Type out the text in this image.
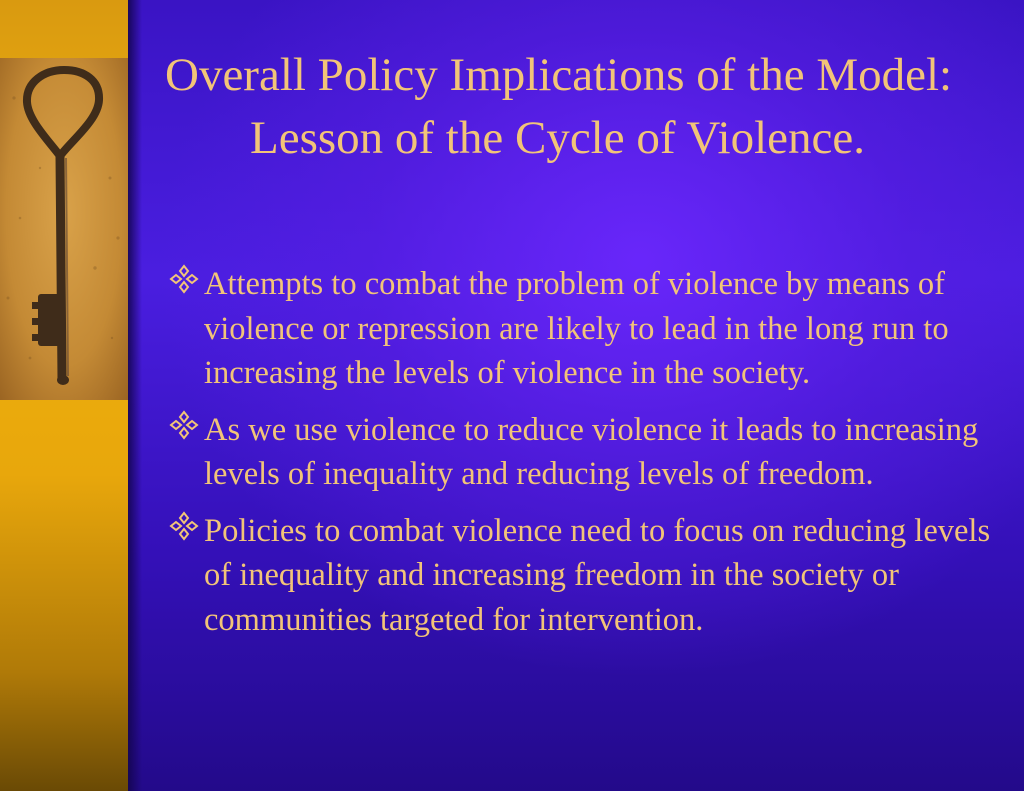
Overall Policy Implications of the Model: Lesson of the Cycle of Violence.
Attempts to combat the problem of violence by means of violence or repression are likely to lead in the long run to increasing the levels of violence in the society.
As we use violence to reduce violence it leads to increasing levels of inequality and reducing levels of freedom.
Policies to combat violence need to focus on reducing levels of inequality and increasing freedom in the society or communities targeted for intervention.
